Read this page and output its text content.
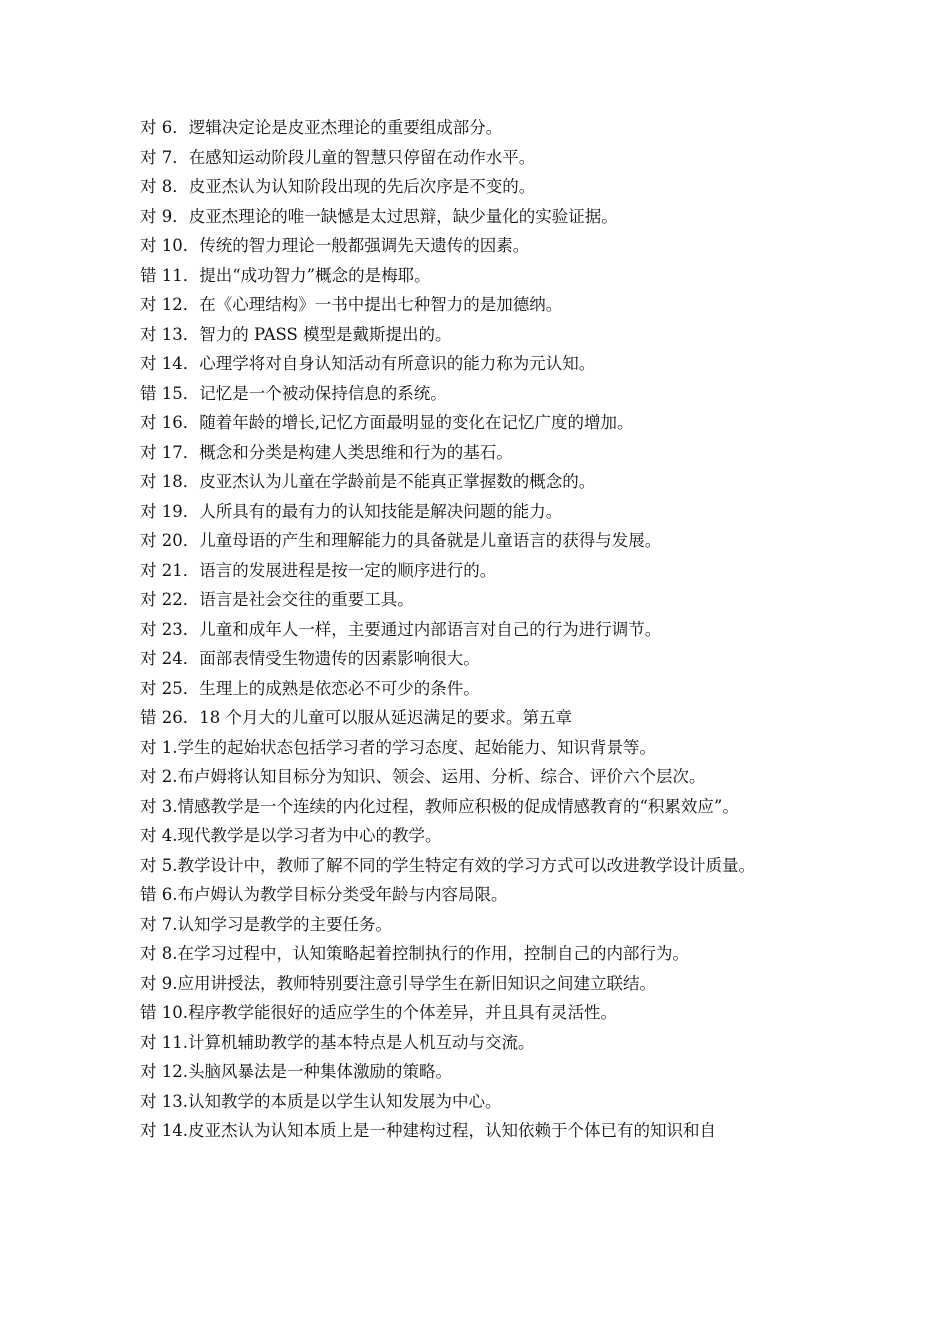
对 6．逻辑决定论是皮亚杰理论的重要组成部分。
对 7．在感知运动阶段儿童的智慧只停留在动作水平。
对 8．皮亚杰认为认知阶段出现的先后次序是不变的。
对 9．皮亚杰理论的唯一缺憾是太过思辩，缺少量化的实验证据。
对 10．传统的智力理论一般都强调先天遗传的因素。
错 11．提出“成功智力”概念的是梅耶。
对 12．在《心理结构》一书中提出七种智力的是加德纳。
对 13．智力的 PASS 模型是戴斯提出的。
对 14．心理学将对自身认知活动有所意识的能力称为元认知。
错 15．记忆是一个被动保持信息的系统。
对 16．随着年龄的增长,记忆方面最明显的变化在记忆广度的增加。
对 17．概念和分类是构建人类思维和行为的基石。
对 18．皮亚杰认为儿童在学龄前是不能真正掌握数的概念的。
对 19．人所具有的最有力的认知技能是解决问题的能力。
对 20．儿童母语的产生和理解能力的具备就是儿童语言的获得与发展。
对 21．语言的发展进程是按一定的顺序进行的。
对 22．语言是社会交往的重要工具。
对 23．儿童和成年人一样，主要通过内部语言对自己的行为进行调节。
对 24．面部表情受生物遗传的因素影响很大。
对 25．生理上的成熟是依恋必不可少的条件。
错 26．18 个月大的儿童可以服从延迟满足的要求。第五章
对 1.学生的起始状态包括学习者的学习态度、起始能力、知识背景等。
对 2.布卢姆将认知目标分为知识、领会、运用、分析、综合、评价六个层次。
对 3.情感教学是一个连续的内化过程，教师应积极的促成情感教育的“积累效应”。
对 4.现代教学是以学习者为中心的教学。
对 5.教学设计中，教师了解不同的学生特定有效的学习方式可以改进教学设计质量。
错 6.布卢姆认为教学目标分类受年龄与内容局限。
对 7.认知学习是教学的主要任务。
对 8.在学习过程中，认知策略起着控制执行的作用，控制自己的内部行为。
对 9.应用讲授法，教师特别要注意引导学生在新旧知识之间建立联结。
错 10.程序教学能很好的适应学生的个体差异，并且具有灵活性。
对 11.计算机辅助教学的基本特点是人机互动与交流。
对 12.头脑风暴法是一种集体激励的策略。
对 13.认知教学的本质是以学生认知发展为中心。
对 14.皮亚杰认为认知本质上是一种建构过程，认知依赖于个体已有的知识和自
